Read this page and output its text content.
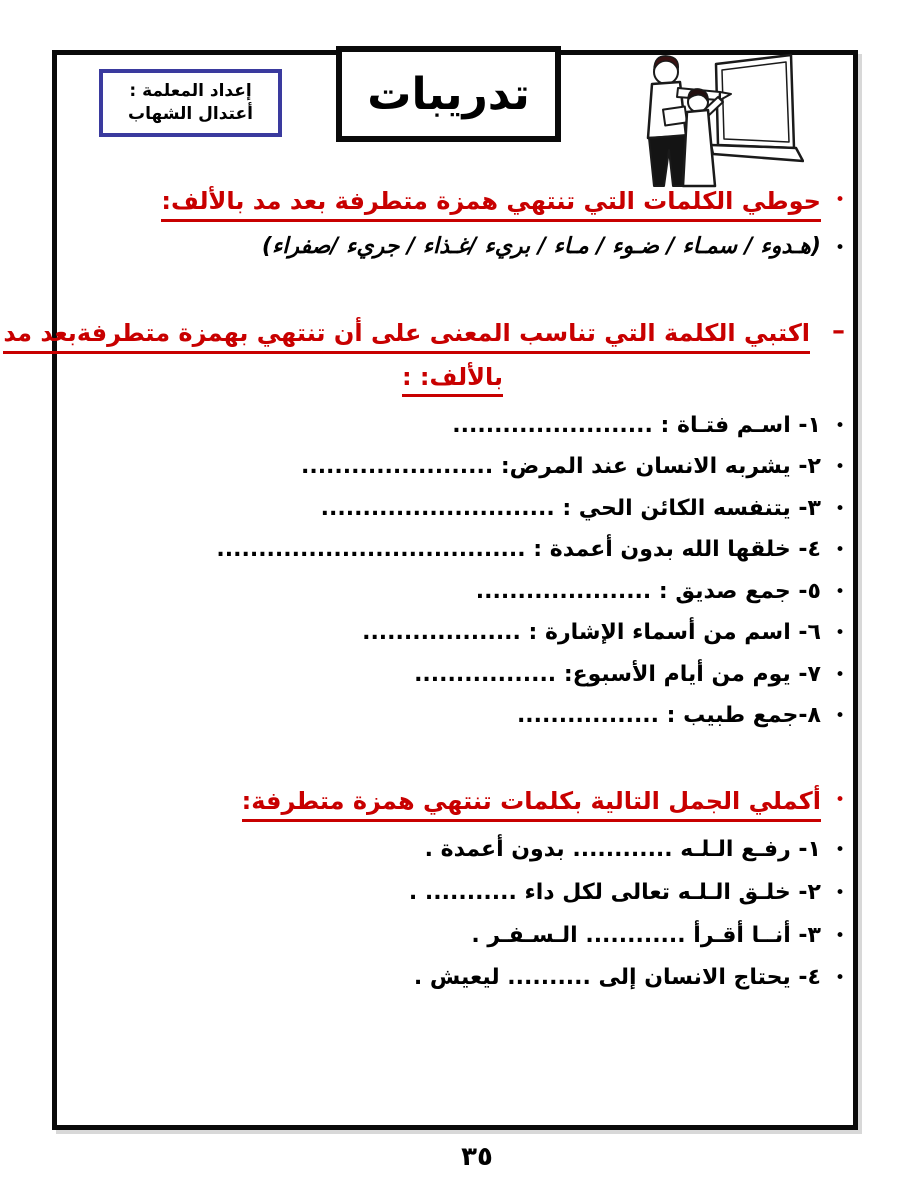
إعداد المعلمة :
أعتدال الشهاب	تدريبات
•
حوطي الكلمات التي تنتهي همزة متطرفة بعد مد بالألف:
•
(هـدوء / سمـاء / ضـوء / مـاء / بريء /غـذاء / جريء /صفراء)
–
اكتبي الكلمة التي تناسب المعنى على أن تنتهي بهمزة متطرفةبعد مد
بالألف: :
•
١- اسـم فتـاة : ........................
•
٢- يشربه الانسان عند المرض: .......................
•
٣- يتنفسه الكائن الحي : ............................
•
٤- خلقها الله بدون أعمدة : .....................................
•
٥- جمع صديق : .....................
•
٦- اسم من أسماء الإشارة : ...................
•
٧- يوم من أيام الأسبوع: .................
•
٨-جمع طبيب : .................
•
أكملي الجمل التالية بكلمات تنتهي همزة متطرفة:
•
١- رفـع الـلـه ............ بدون أعمدة .
•
٢- خلـق الـلـه تعالى لكل داء ........... .
•
٣- أنــا أقـرأ ............ الـسـفـر .
•
٤- يحتاج الانسان إلى .......... ليعيش .
٣٥
